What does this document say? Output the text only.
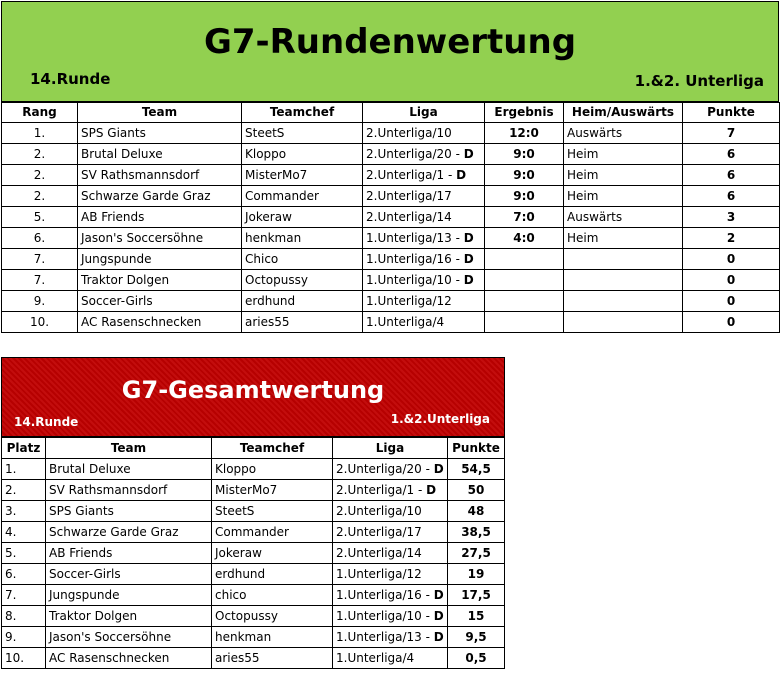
G7-Rundenwertung
14.Runde	1.&2. Unterliga
Rang	Team	Teamchef	Liga	Ergebnis	Heim/Auswärts	Punkte
1.	SPS Giants	SteetS	2.Unterliga/10	12:0	Auswärts	7
2.	Brutal Deluxe	Kloppo	2.Unterliga/20 - D	9:0	Heim	6
2.	SV Rathsmannsdorf	MisterMo7	2.Unterliga/1 - D	9:0	Heim	6
2.	Schwarze Garde Graz	Commander	2.Unterliga/17	9:0	Heim	6
5.	AB Friends	Jokeraw	2.Unterliga/14	7:0	Auswärts	3
6.	Jason's Soccersöhne	henkman	1.Unterliga/13 - D	4:0	Heim	2
7.	Jungspunde	Chico	1.Unterliga/16 - D			0
7.	Traktor Dolgen	Octopussy	1.Unterliga/10 - D			0
9.	Soccer-Girls	erdhund	1.Unterliga/12			0
10.	AC Rasenschnecken	aries55	1.Unterliga/4			0
G7-Gesamtwertung
14.Runde	1.&2.Unterliga
Platz	Team	Teamchef	Liga	Punkte
1.	Brutal Deluxe	Kloppo	2.Unterliga/20 - D	54,5
2.	SV Rathsmannsdorf	MisterMo7	2.Unterliga/1 - D	50
3.	SPS Giants	SteetS	2.Unterliga/10	48
4.	Schwarze Garde Graz	Commander	2.Unterliga/17	38,5
5.	AB Friends	Jokeraw	2.Unterliga/14	27,5
6.	Soccer-Girls	erdhund	1.Unterliga/12	19
7.	Jungspunde	chico	1.Unterliga/16 - D	17,5
8.	Traktor Dolgen	Octopussy	1.Unterliga/10 - D	15
9.	Jason's Soccersöhne	henkman	1.Unterliga/13 - D	9,5
10.	AC Rasenschnecken	aries55	1.Unterliga/4	0,5
